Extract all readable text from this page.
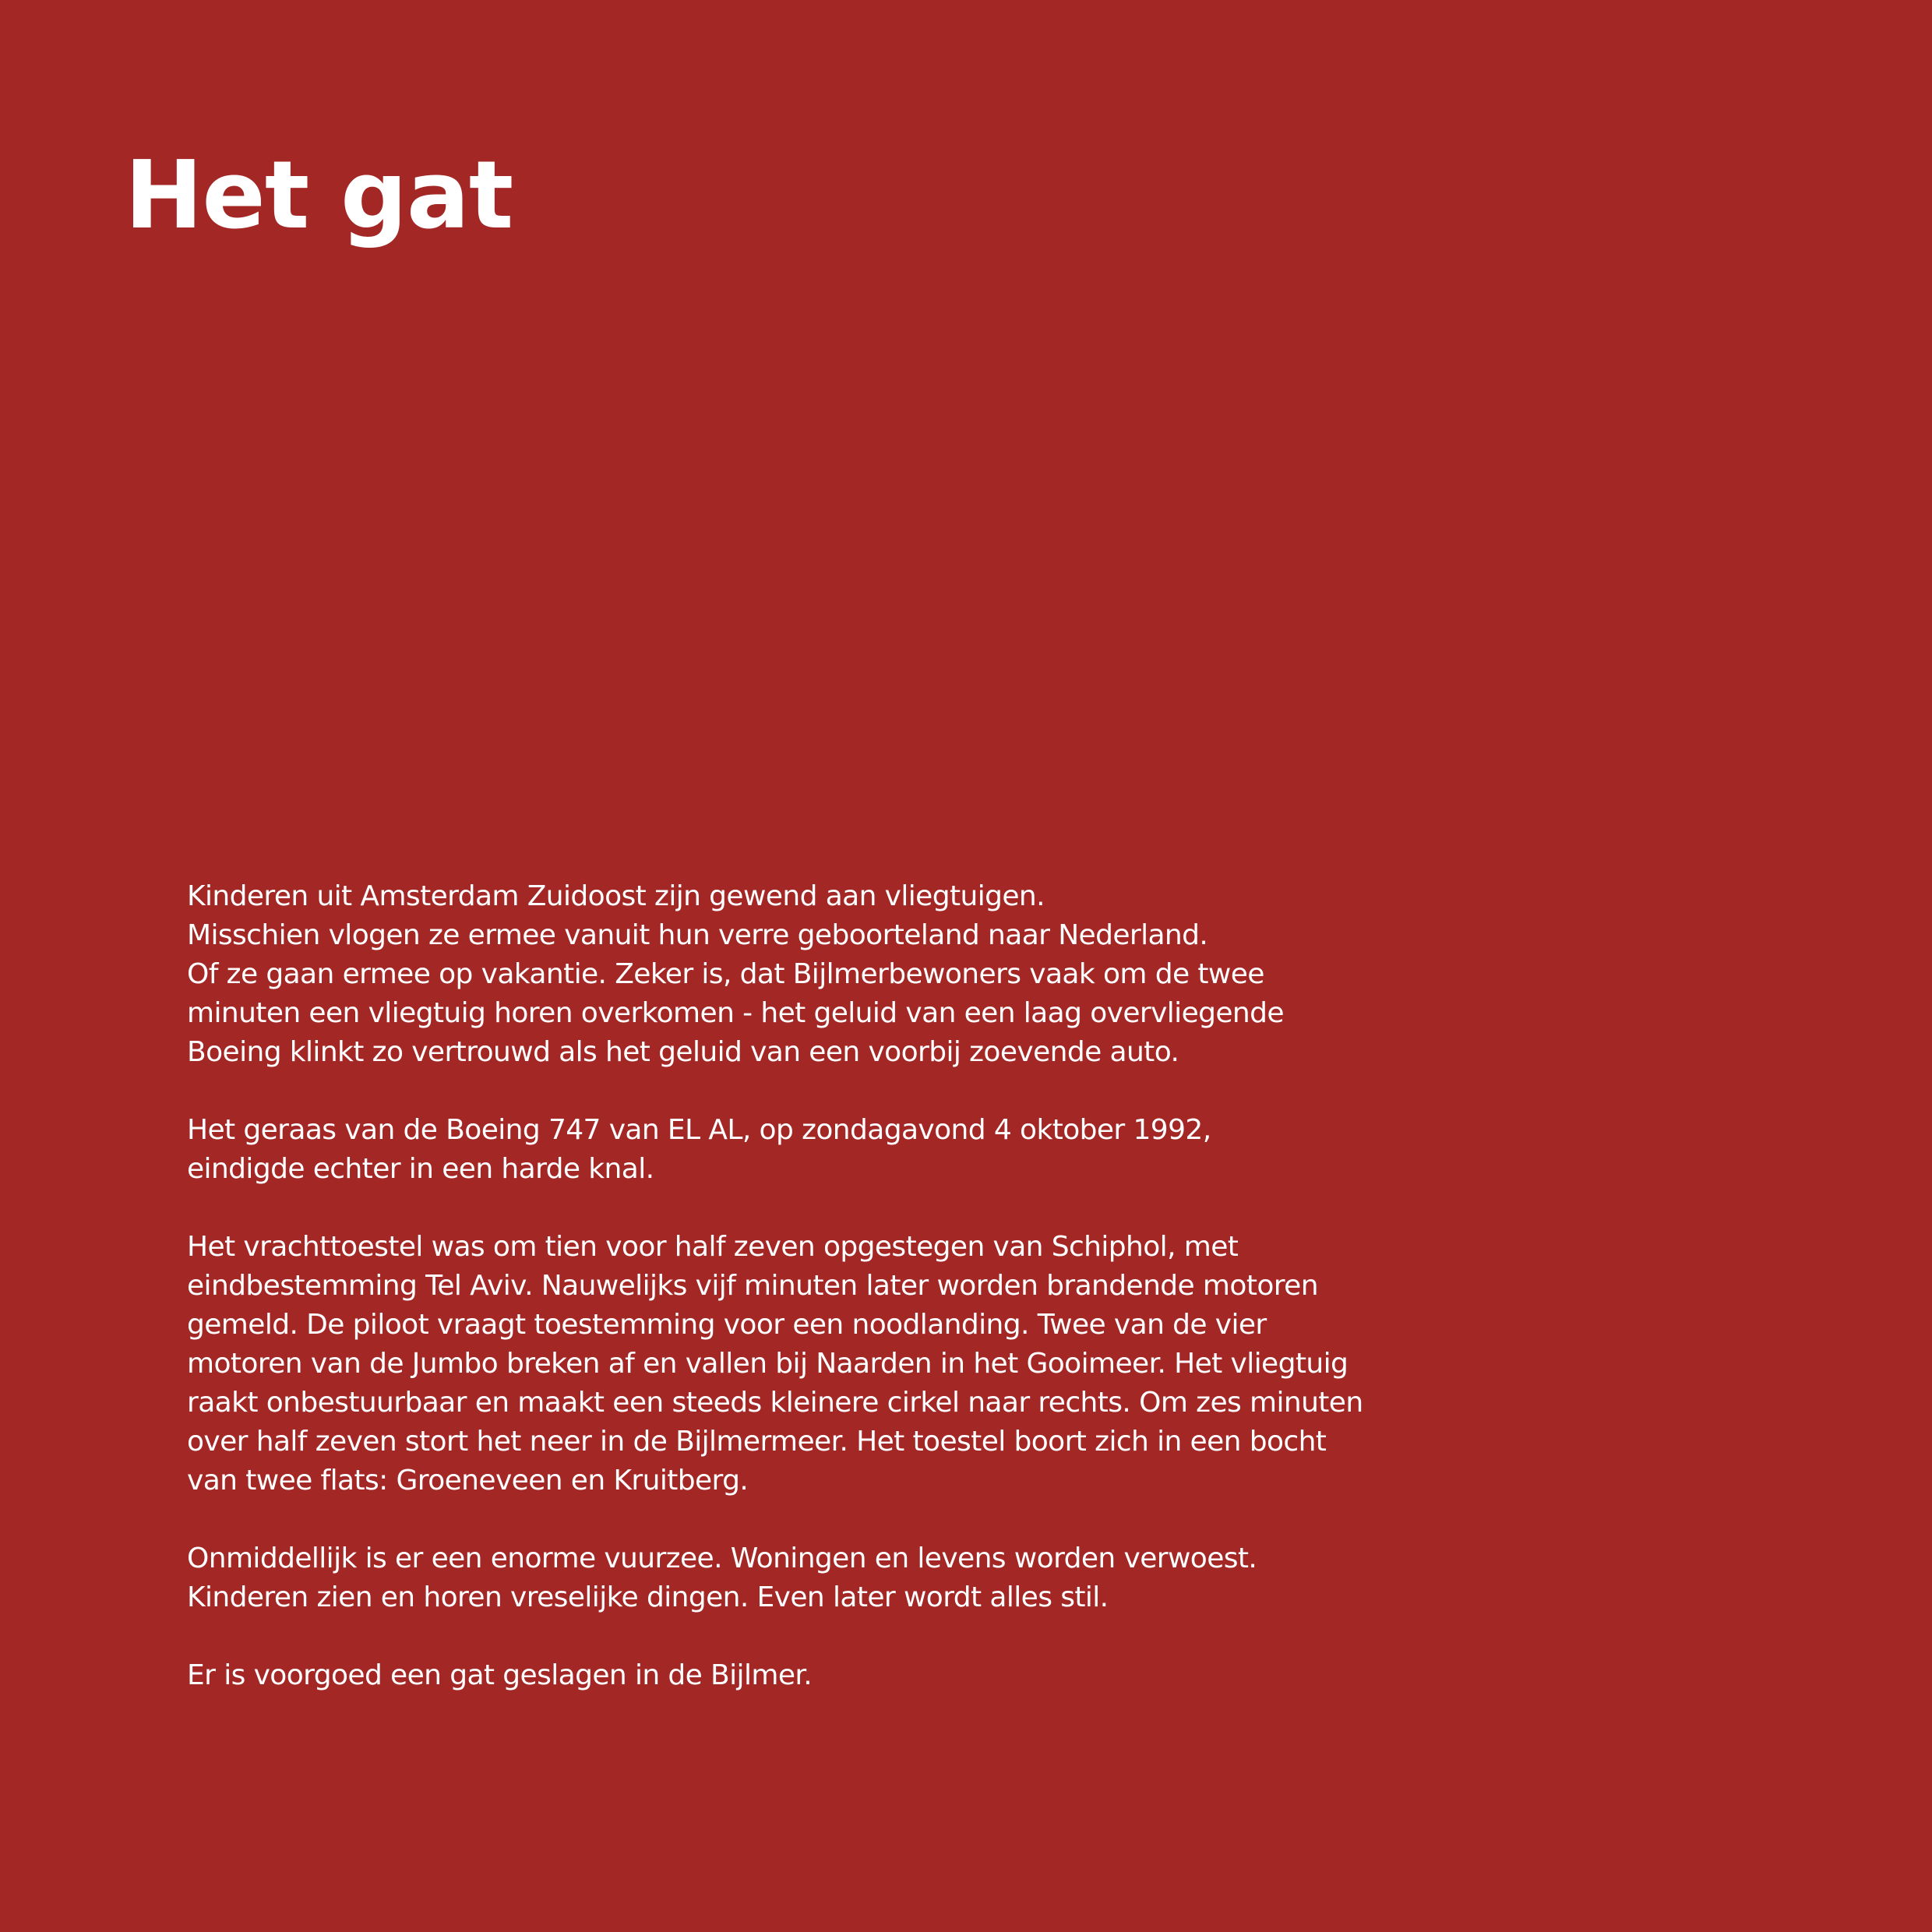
Het gat

Kinderen uit Amsterdam Zuidoost zijn gewend aan vliegtuigen.
Misschien vlogen ze ermee vanuit hun verre geboorteland naar Nederland.
Of ze gaan ermee op vakantie. Zeker is, dat Bijlmerbewoners vaak om de twee
minuten een vliegtuig horen overkomen - het geluid van een laag overvliegende
Boeing klinkt zo vertrouwd als het geluid van een voorbij zoevende auto.

Het geraas van de Boeing 747 van EL AL, op zondagavond 4 oktober 1992,
eindigde echter in een harde knal.

Het vrachttoestel was om tien voor half zeven opgestegen van Schiphol, met
eindbestemming Tel Aviv. Nauwelijks vijf minuten later worden brandende motoren
gemeld. De piloot vraagt toestemming voor een noodlanding. Twee van de vier
motoren van de Jumbo breken af en vallen bij Naarden in het Gooimeer. Het vliegtuig
raakt onbestuurbaar en maakt een steeds kleinere cirkel naar rechts. Om zes minuten
over half zeven stort het neer in de Bijlmermeer. Het toestel boort zich in een bocht
van twee flats: Groeneveen en Kruitberg.

Onmiddellijk is er een enorme vuurzee. Woningen en levens worden verwoest.
Kinderen zien en horen vreselijke dingen. Even later wordt alles stil.

Er is voorgoed een gat geslagen in de Bijlmer.
